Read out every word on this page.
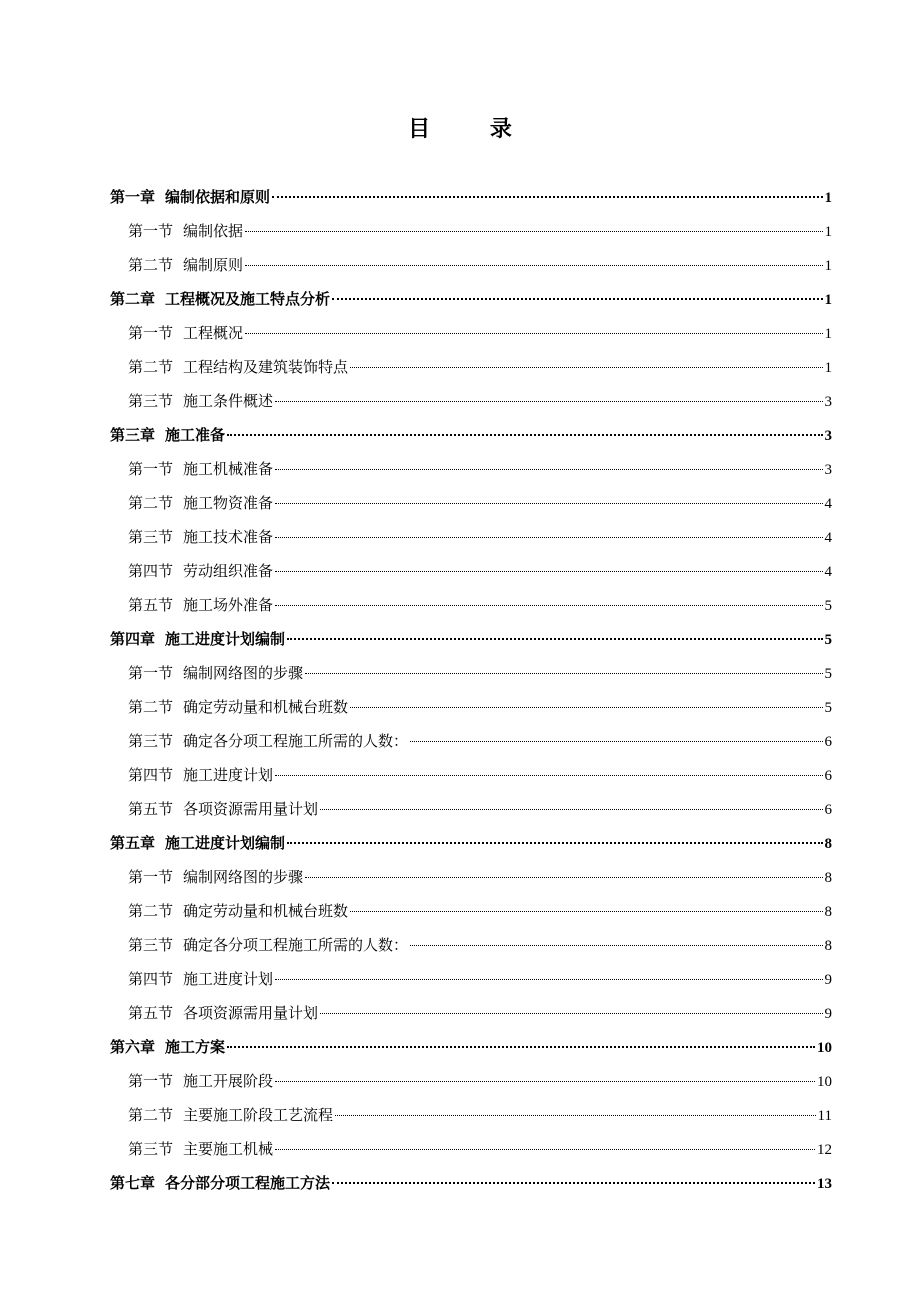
目 录
第一章 编制依据和原则	1
第一节 编制依据	1
第二节 编制原则	1
第二章 工程概况及施工特点分析	1
第一节 工程概况	1
第二节 工程结构及建筑装饰特点	1
第三节 施工条件概述	3
第三章 施工准备	3
第一节 施工机械准备	3
第二节 施工物资准备	4
第三节 施工技术准备	4
第四节 劳动组织准备	4
第五节 施工场外准备	5
第四章 施工进度计划编制	5
第一节 编制网络图的步骤	5
第二节 确定劳动量和机械台班数	5
第三节 确定各分项工程施工所需的人数：	6
第四节 施工进度计划	6
第五节 各项资源需用量计划	6
第五章 施工进度计划编制	8
第一节 编制网络图的步骤	8
第二节 确定劳动量和机械台班数	8
第三节 确定各分项工程施工所需的人数：	8
第四节 施工进度计划	9
第五节 各项资源需用量计划	9
第六章 施工方案	10
第一节 施工开展阶段	10
第二节 主要施工阶段工艺流程	11
第三节 主要施工机械	12
第七章 各分部分项工程施工方法	13
